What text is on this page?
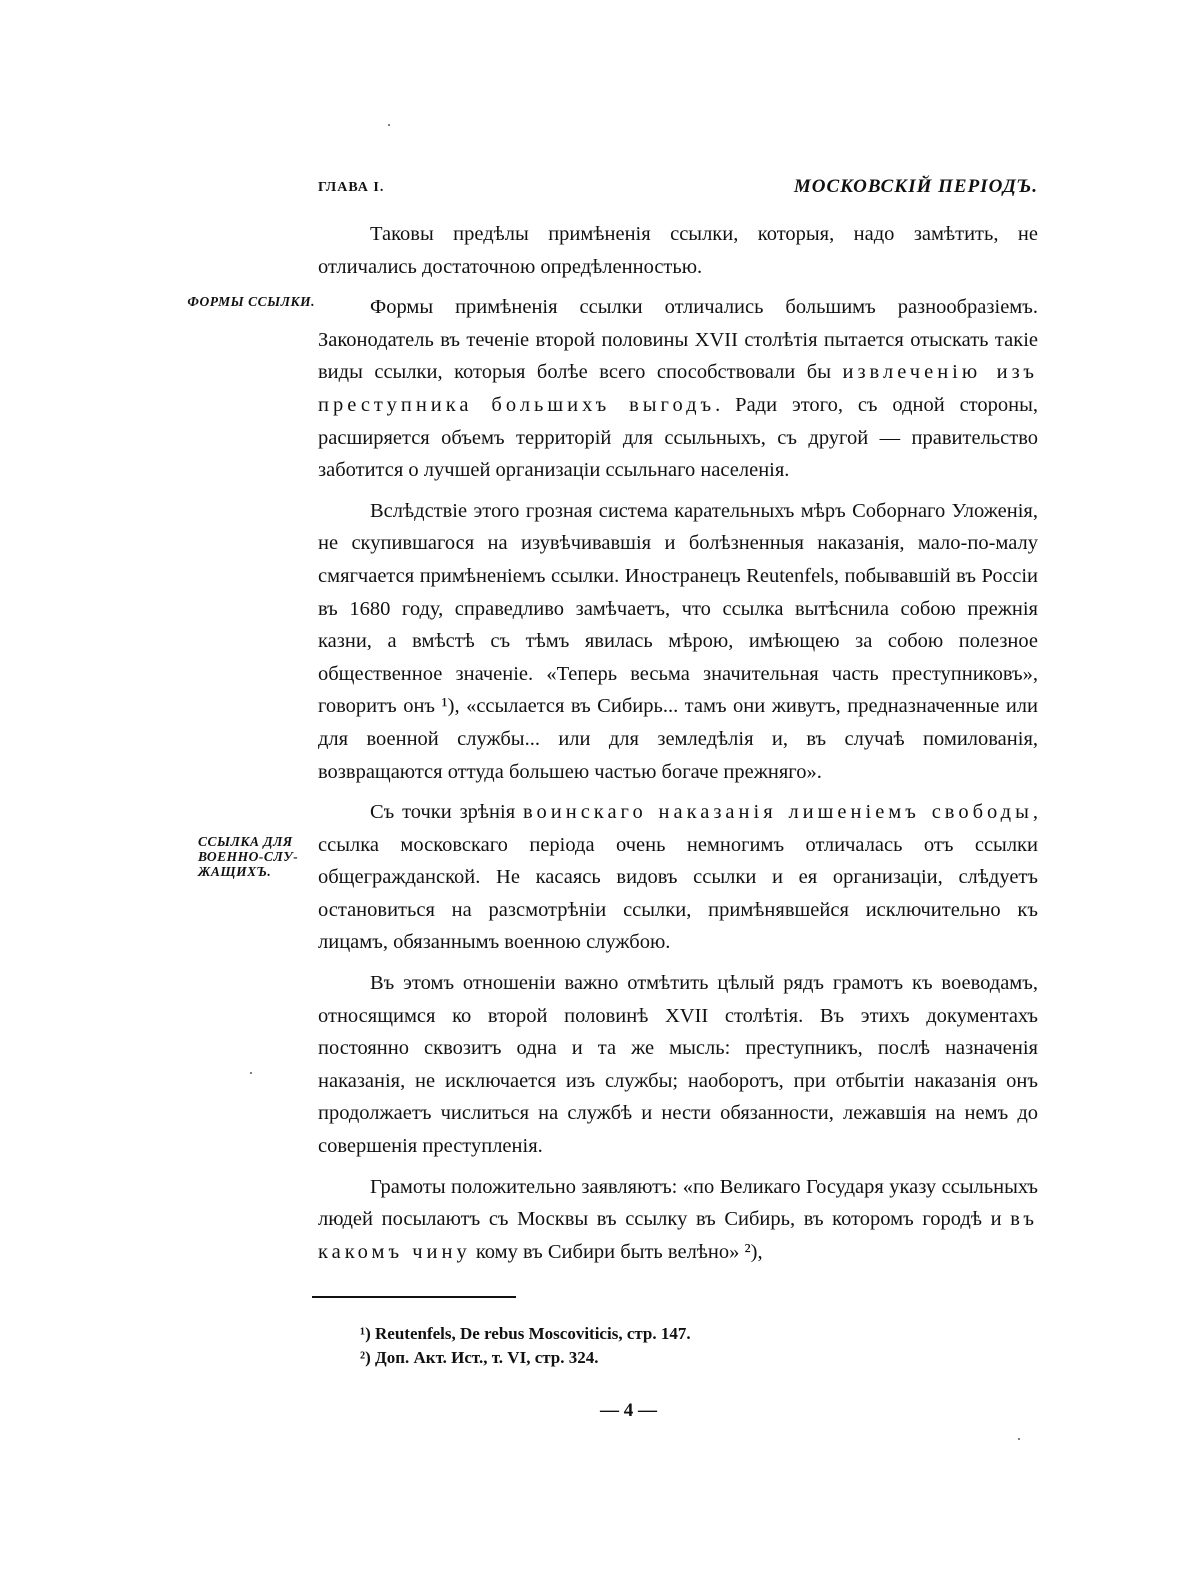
ГЛАВА I.	МОСКОВСКІЙ ПЕРІОДЪ.
ФОРМЫ ССЫЛКИ.
ССЫЛКА ДЛЯ ВОЕННО-СЛУ-ЖАЩИХЪ.

Таковы предѣлы примѣненія ссылки, которыя, надо замѣтить, не отличались достаточною опредѣленностью.

Формы примѣненія ссылки отличались большимъ разнообразіемъ. Законодатель въ теченіе второй половины XVII столѣтія пытается отыскать такіе виды ссылки, которыя болѣе всего способствовали бы извлеченію изъ преступника большихъ выгодъ. Ради этого, съ одной стороны, расширяется объемъ территорій для ссыльныхъ, съ другой — правительство заботится о лучшей организаціи ссыльнаго населенія.

Вслѣдствіе этого грозная система карательныхъ мѣръ Соборнаго Уложенія, не скупившагося на изувѣчивавшія и болѣзненныя наказанія, мало-по-малу смягчается примѣненіемъ ссылки. Иностранецъ Reutenfels, побывавшій въ Россіи въ 1680 году, справедливо замѣчаетъ, что ссылка вытѣснила собою прежнія казни, а вмѣстѣ съ тѣмъ явилась мѣрою, имѣющею за собою полезное общественное значеніе. «Теперь весьма значительная часть преступниковъ», говоритъ онъ ¹), «ссылается въ Сибирь... тамъ они живутъ, предназначенные или для военной службы... или для земледѣлія и, въ случаѣ помилованія, возвращаются оттуда большею частью богаче прежняго».

Съ точки зрѣнія воинскаго наказанія лишеніемъ свободы, ссылка московскаго періода очень немногимъ отличалась отъ ссылки общегражданской. Не касаясь видовъ ссылки и ея организаціи, слѣдуетъ остановиться на разсмотрѣніи ссылки, примѣнявшейся исключительно къ лицамъ, обязаннымъ военною службою.

Въ этомъ отношеніи важно отмѣтить цѣлый рядъ грамотъ къ воеводамъ, относящимся ко второй половинѣ XVII столѣтія. Въ этихъ документахъ постоянно сквозитъ одна и та же мысль: преступникъ, послѣ назначенія наказанія, не исключается изъ службы; наоборотъ, при отбытіи наказанія онъ продолжаетъ числиться на службѣ и нести обязанности, лежавшія на немъ до совершенія преступленія.

Грамоты положительно заявляютъ: «по Великаго Государя указу ссыльныхъ людей посылаютъ съ Москвы въ ссылку въ Сибирь, въ которомъ городѣ и въ какомъ чину кому въ Сибири быть велѣно» ²),

¹) Reutenfels, De rebus Moscoviticis, стр. 147.
²) Доп. Акт. Ист., т. VI, стр. 324.
— 4 —
